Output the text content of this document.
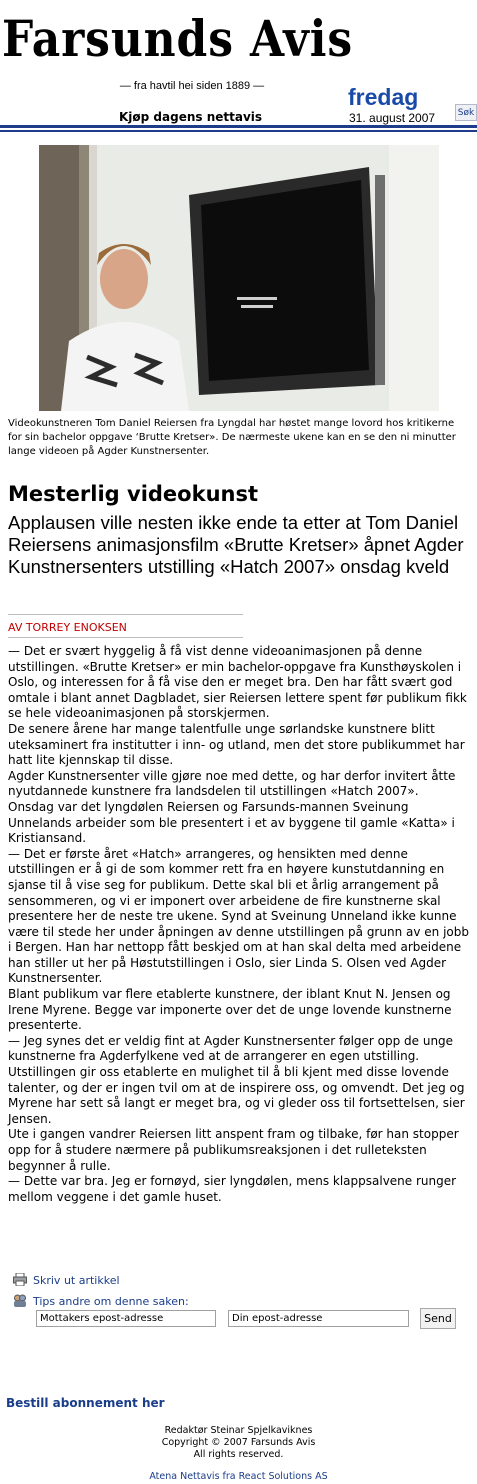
Farsunds Avis
— fra havtil hei siden 1889 —	fredag
31. august 2007
Kjøp dagens nettavis	Søk
Videokunstneren Tom Daniel Reiersen fra Lyngdal har høstet mange lovord hos kritikerne for sin bachelor oppgave ‘Brutte Kretser». De nærmeste ukene kan en se den ni minutter lange videoen på Agder Kunstnersenter.
Mesterlig videokunst
Applausen ville nesten ikke ende ta etter at Tom Daniel Reiersens animasjonsfilm «Brutte Kretser» åpnet Agder Kunstnersenters utstilling «Hatch 2007» onsdag kveld
AV TORREY ENOKSEN

— Det er svært hyggelig å få vist denne videoanimasjonen på denne utstillingen. «Brutte Kretser» er min bachelor-oppgave fra Kunsthøyskolen i Oslo, og interessen for å få vise den er meget bra. Den har fått svært god omtale i blant annet Dagbladet, sier Reiersen lettere spent før publikum fikk se hele videoanimasjonen på storskjermen.

De senere årene har mange talentfulle unge sørlandske kunstnere blitt uteksaminert fra institutter i inn- og utland, men det store publikummet har hatt lite kjennskap til disse.

Agder Kunstnersenter ville gjøre noe med dette, og har derfor invitert åtte nyutdannede kunstnere fra landsdelen til utstillingen «Hatch 2007».

Onsdag var det lyngdølen Reiersen og Farsunds-mannen Sveinung Unnelands arbeider som ble presentert i et av byggene til gamle «Katta» i Kristiansand.

— Det er første året «Hatch» arrangeres, og hensikten med denne utstillingen er å gi de som kommer rett fra en høyere kunstutdanning en sjanse til å vise seg for publikum. Dette skal bli et årlig arrangement på sensommeren, og vi er imponert over arbeidene de fire kunstnerne skal presentere her de neste tre ukene. Synd at Sveinung Unneland ikke kunne være til stede her under åpningen av denne utstillingen på grunn av en jobb i Bergen. Han har nettopp fått beskjed om at han skal delta med arbeidene han stiller ut her på Høstutstillingen i Oslo, sier Linda S. Olsen ved Agder Kunstnersenter.

Blant publikum var flere etablerte kunstnere, der iblant Knut N. Jensen og Irene Myrene. Begge var imponerte over det de unge lovende kunstnerne presenterte.

— Jeg synes det er veldig fint at Agder Kunstnersenter følger opp de unge kunstnerne fra Agderfylkene ved at de arrangerer en egen utstilling. Utstillingen gir oss etablerte en mulighet til å bli kjent med disse lovende talenter, og der er ingen tvil om at de inspirere oss, og omvendt. Det jeg og Myrene har sett så langt er meget bra, og vi gleder oss til fortsettelsen, sier Jensen.

Ute i gangen vandrer Reiersen litt anspent fram og tilbake, før han stopper opp for å studere nærmere på publikumsreaksjonen i det rulleteksten begynner å rulle.

— Dette var bra. Jeg er fornøyd, sier lyngdølen, mens klappsalvene runger mellom veggene i det gamle huset.

Skriv ut artikkel
Tips andre om denne saken:
Mottakers epost-adresse	Din epost-adresse	Send
Bestill abonnement her
Redaktør Steinar Spjelkaviknes
Copyright © 2007 Farsunds Avis
All rights reserved.
Atena Nettavis fra React Solutions AS
